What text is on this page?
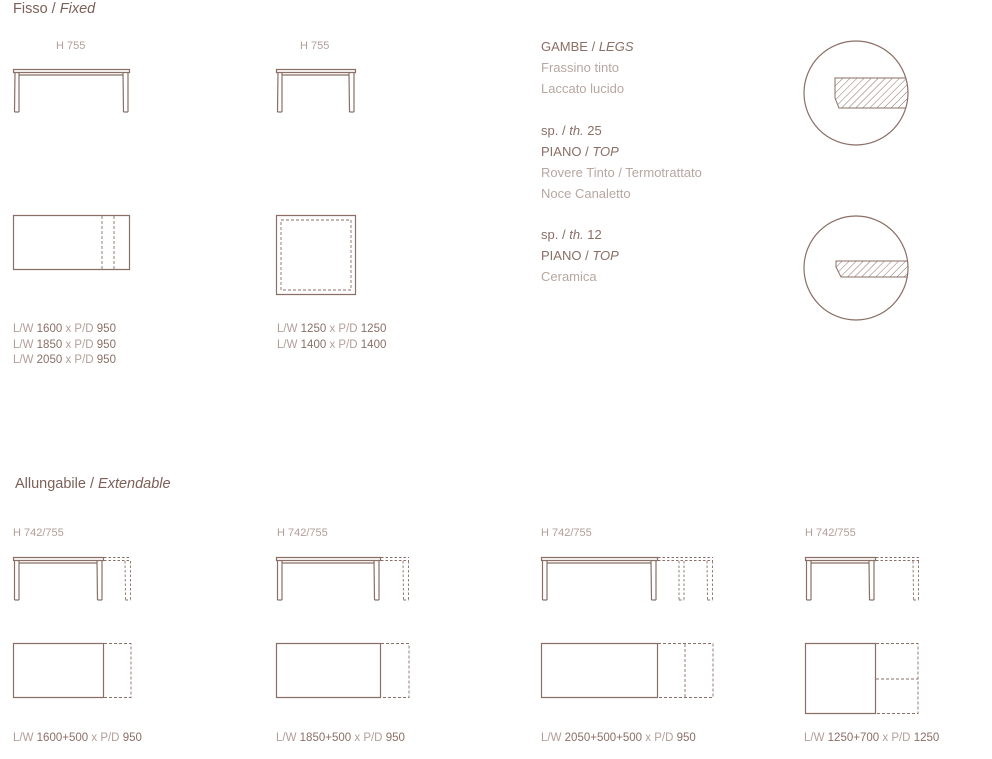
Fisso / Fixed
H 755
L/W 1600 x P/D 950
L/W 1850 x P/D 950
L/W 2050 x P/D 950
H 755
L/W 1250 x P/D 1250
L/W 1400 x P/D 1400
GAMBE / LEGS
Frassino tinto
Laccato lucido
sp. / th. 25
PIANO / TOP
Rovere Tinto / Termotrattato
Noce Canaletto
sp. / th. 12
PIANO / TOP
Ceramica
Allungabile / Extendable
H 742/755
L/W 1600+500 x P/D 950
H 742/755
L/W 1850+500 x P/D 950
H 742/755
L/W 2050+500+500 x P/D 950
H 742/755
L/W 1250+700 x P/D 1250
